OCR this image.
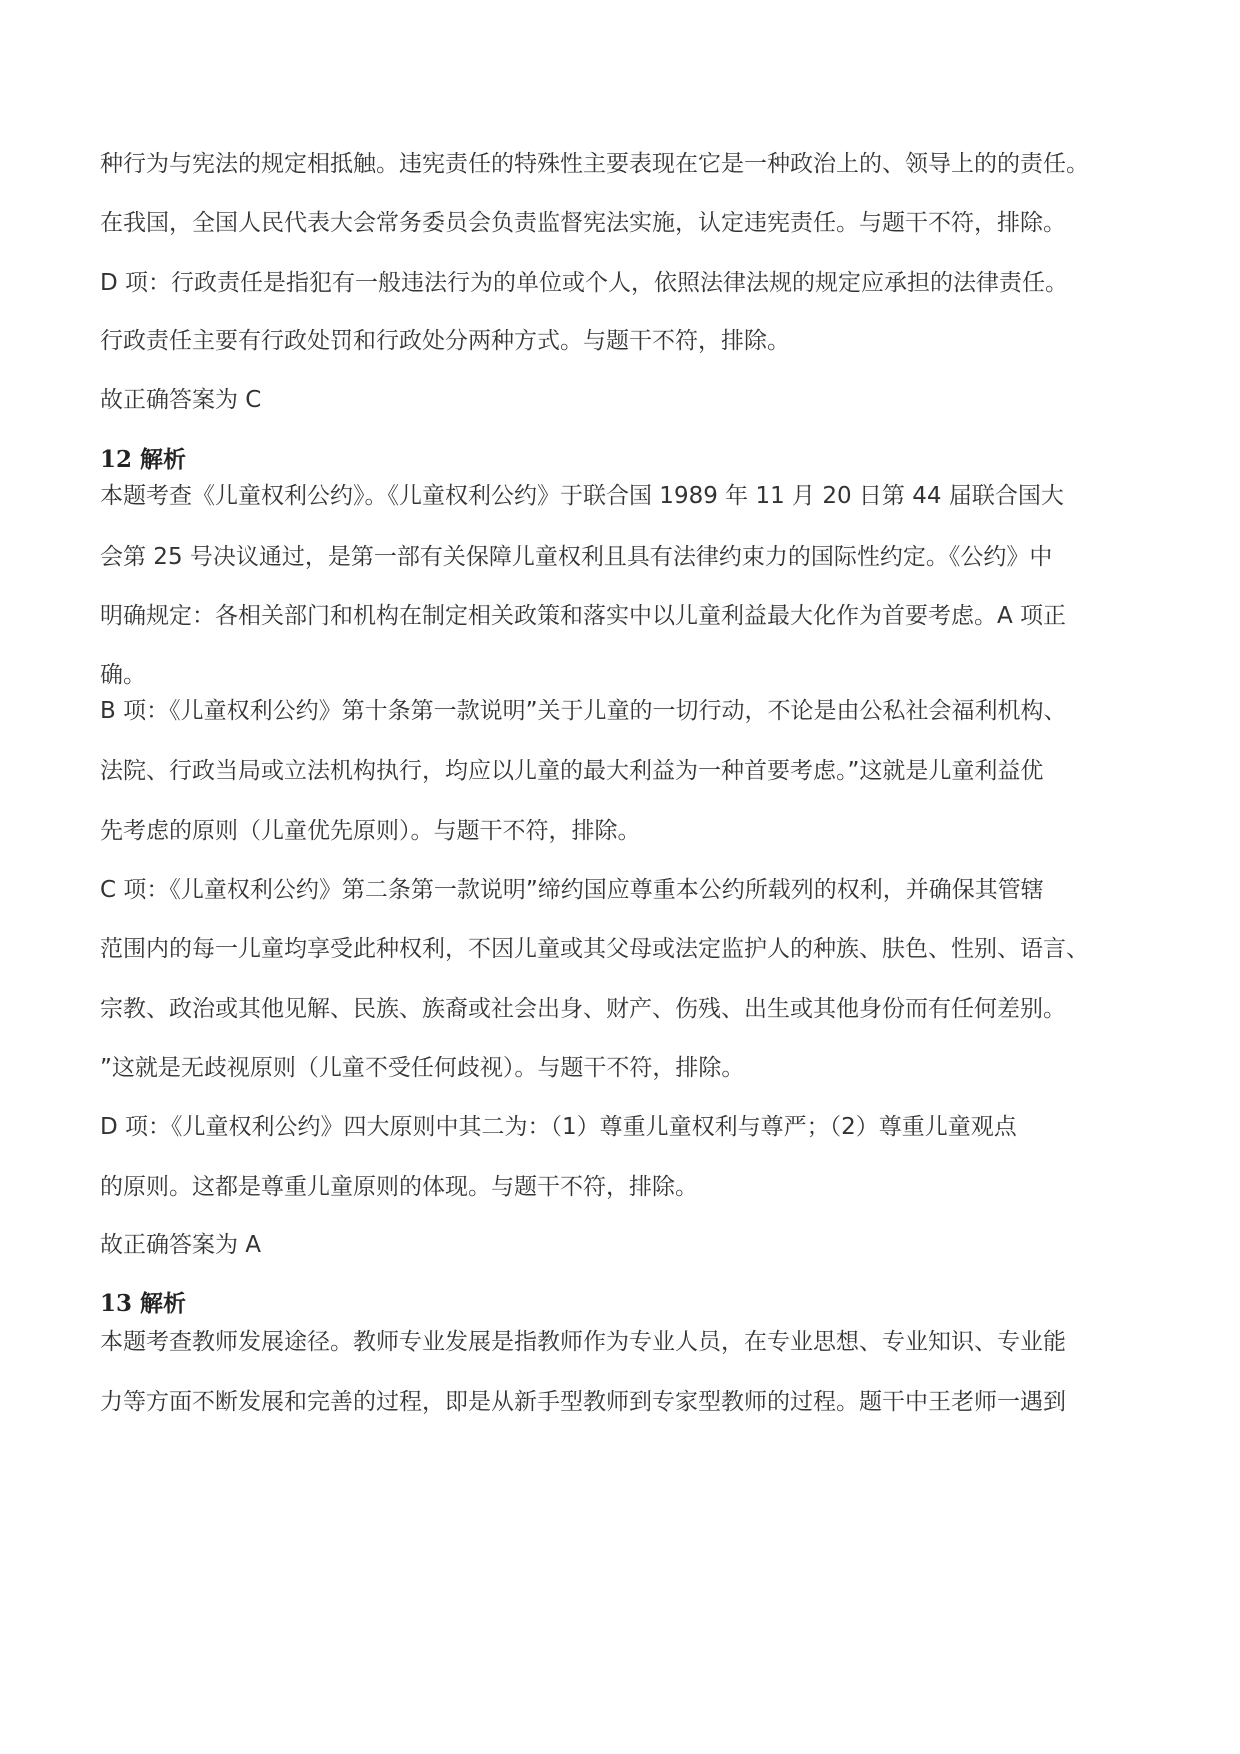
种行为与宪法的规定相抵触。违宪责任的特殊性主要表现在它是一种政治上的、领导上的的责任。
在我国，全国人民代表大会常务委员会负责监督宪法实施，认定违宪责任。与题干不符，排除。
D 项：行政责任是指犯有一般违法行为的单位或个人，依照法律法规的规定应承担的法律责任。
行政责任主要有行政处罚和行政处分两种方式。与题干不符，排除。
故正确答案为 C
12 解析
本题考查《儿童权利公约》。《儿童权利公约》于联合国 1989 年 11 月 20 日第 44 届联合国大
会第 25 号决议通过，是第一部有关保障儿童权利且具有法律约束力的国际性约定。《公约》中
明确规定：各相关部门和机构在制定相关政策和落实中以儿童利益最大化作为首要考虑。A 项正
确。
B 项：《儿童权利公约》第十条第一款说明”关于儿童的一切行动，不论是由公私社会福利机构、
法院、行政当局或立法机构执行，均应以儿童的最大利益为一种首要考虑。”这就是儿童利益优
先考虑的原则（儿童优先原则）。与题干不符，排除。
C 项：《儿童权利公约》第二条第一款说明”缔约国应尊重本公约所载列的权利，并确保其管辖
范围内的每一儿童均享受此种权利，不因儿童或其父母或法定监护人的种族、肤色、性别、语言、
宗教、政治或其他见解、民族、族裔或社会出身、财产、伤残、出生或其他身份而有任何差别。
”这就是无歧视原则（儿童不受任何歧视）。与题干不符，排除。
D 项：《儿童权利公约》四大原则中其二为：（1）尊重儿童权利与尊严；（2）尊重儿童观点
的原则。这都是尊重儿童原则的体现。与题干不符，排除。
故正确答案为 A
13 解析
本题考查教师发展途径。教师专业发展是指教师作为专业人员，在专业思想、专业知识、专业能
力等方面不断发展和完善的过程，即是从新手型教师到专家型教师的过程。题干中王老师一遇到
